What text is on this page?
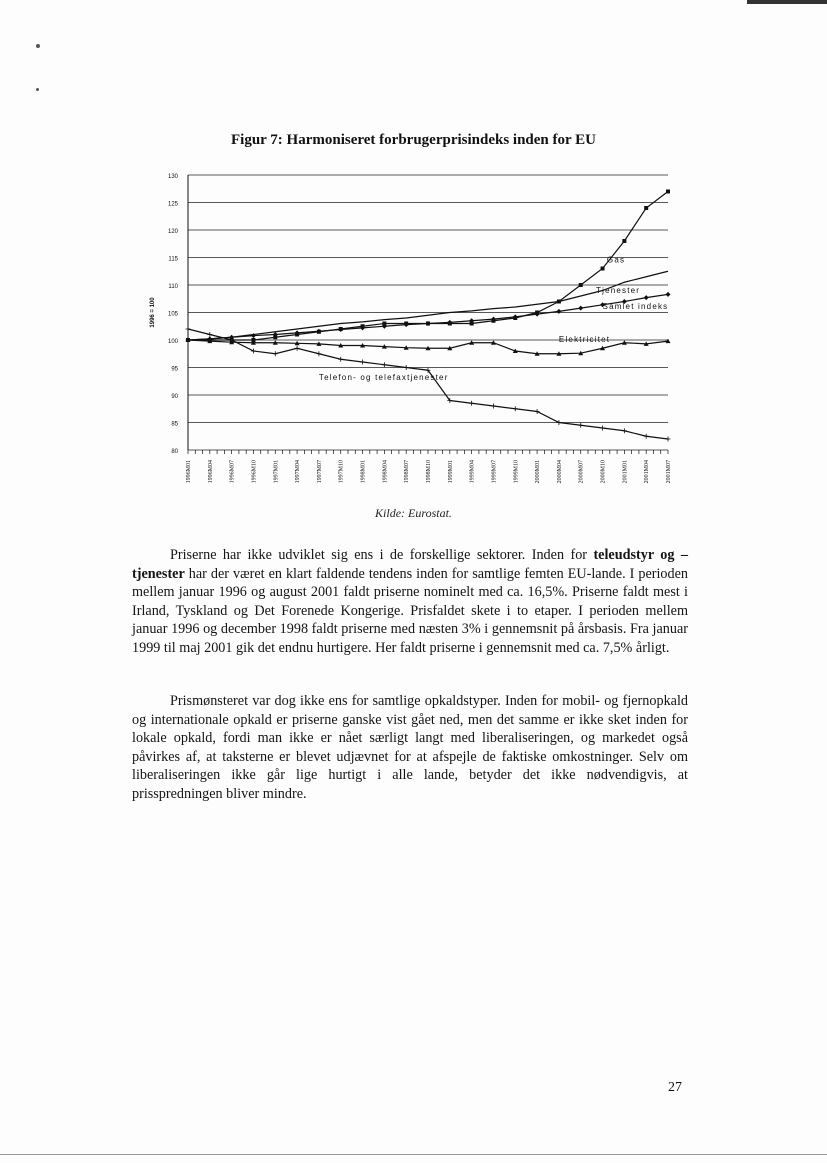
Figur 7: Harmoniseret forbrugerprisindeks inden for EU
80
85
90
95
100
105
110
115
120
125
130
1996 = 100
1996M01	1996M04	1996M07	1996M10	1997M01	1997M04	1997M07	1997M10	1998M01	1998M04	1998M07	1998M10	1999M01	1999M04	1999M07	1999M10	2000M01	2000M04	2000M07	2000M10	2001M01	2001M04	2001M07
Gas
Tjenester
Samlet indeks
Elektricitet
Telefon- og telefaxtjenester
Kilde: Eurostat.

Priserne har ikke udviklet sig ens i de forskellige sektorer. Inden for teleudstyr og –tjenester har der været en klart faldende tendens inden for samtlige femten EU-lande. I perioden mellem januar 1996 og august 2001 faldt priserne nominelt med ca. 16,5%. Priserne faldt mest i Irland, Tyskland og Det Forenede Kongerige. Prisfaldet skete i to etaper. I perioden mellem januar 1996 og december 1998 faldt priserne med næsten 3% i gennemsnit på årsbasis. Fra januar 1999 til maj 2001 gik det endnu hurtigere. Her faldt priserne i gennemsnit med ca. 7,5% årligt.

Prismønsteret var dog ikke ens for samtlige opkaldstyper. Inden for mobil- og fjernopkald og internationale opkald er priserne ganske vist gået ned, men det samme er ikke sket inden for lokale opkald, fordi man ikke er nået særligt langt med liberaliseringen, og markedet også påvirkes af, at taksterne er blevet udjævnet for at afspejle de faktiske omkostninger. Selv om liberaliseringen ikke går lige hurtigt i alle lande, betyder det ikke nødvendigvis, at prisspredningen bliver mindre.

27
